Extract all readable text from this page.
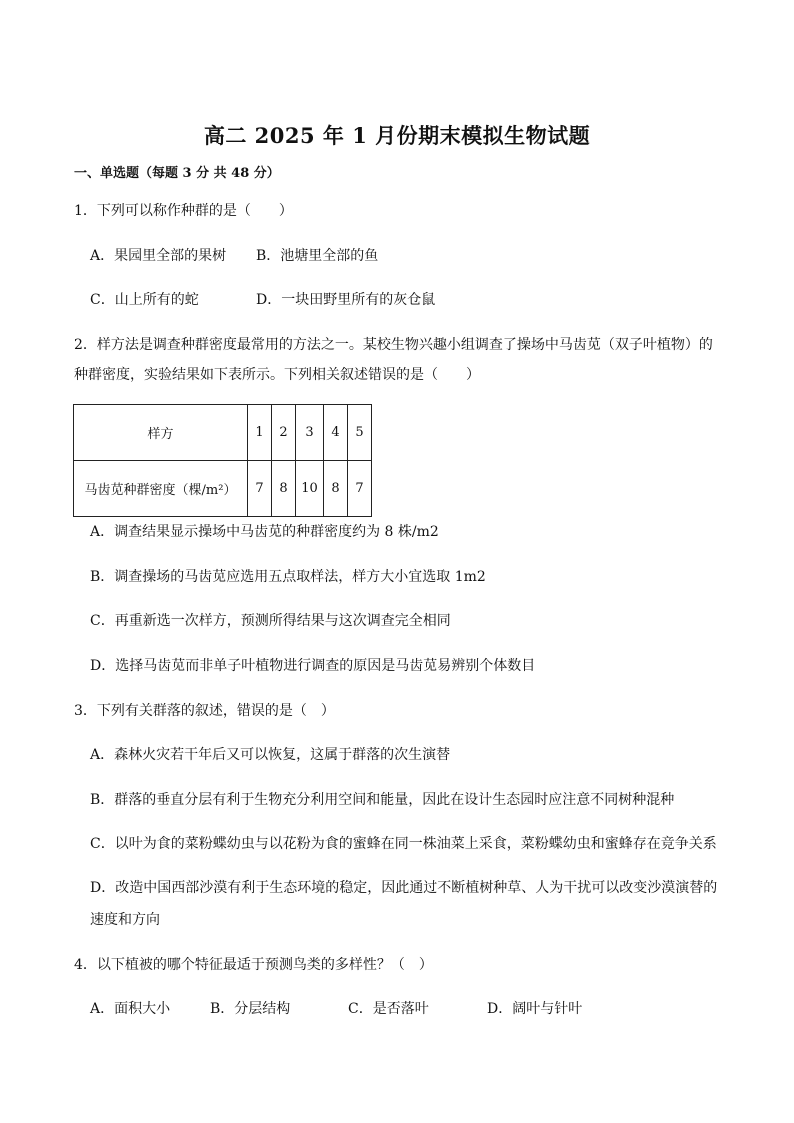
高二 2025 年 1 月份期末模拟生物试题
一、单选题（每题 3 分 共 48 分）
1．下列可以称作种群的是（　　）
A．果园里全部的果树 B．池塘里全部的鱼
C．山上所有的蛇	D．一块田野里所有的灰仓鼠
2．样方法是调查种群密度最常用的方法之一。某校生物兴趣小组调查了操场中马齿苋（双子叶植物）的种群密度，实验结果如下表所示。下列相关叙述错误的是（　　）
样方	1	2	3	4	5
马齿苋种群密度（棵/m²）	7	8	10	8	7
A．调查结果显示操场中马齿苋的种群密度约为 8 株/m2
B．调查操场的马齿苋应选用五点取样法，样方大小宜选取 1m2
C．再重新选一次样方，预测所得结果与这次调查完全相同
D．选择马齿苋而非单子叶植物进行调查的原因是马齿苋易辨别个体数目
3．下列有关群落的叙述，错误的是（　）
A．森林火灾若干年后又可以恢复，这属于群落的次生演替
B．群落的垂直分层有利于生物充分利用空间和能量，因此在设计生态园时应注意不同树种混种
C．以叶为食的菜粉蝶幼虫与以花粉为食的蜜蜂在同一株油菜上采食，菜粉蝶幼虫和蜜蜂存在竞争关系
D．改造中国西部沙漠有利于生态环境的稳定，因此通过不断植树种草、人为干扰可以改变沙漠演替的速度和方向
4．以下植被的哪个特征最适于预测鸟类的多样性？（　）
A．面积大小	B．分层结构	C．是否落叶	D．阔叶与针叶
